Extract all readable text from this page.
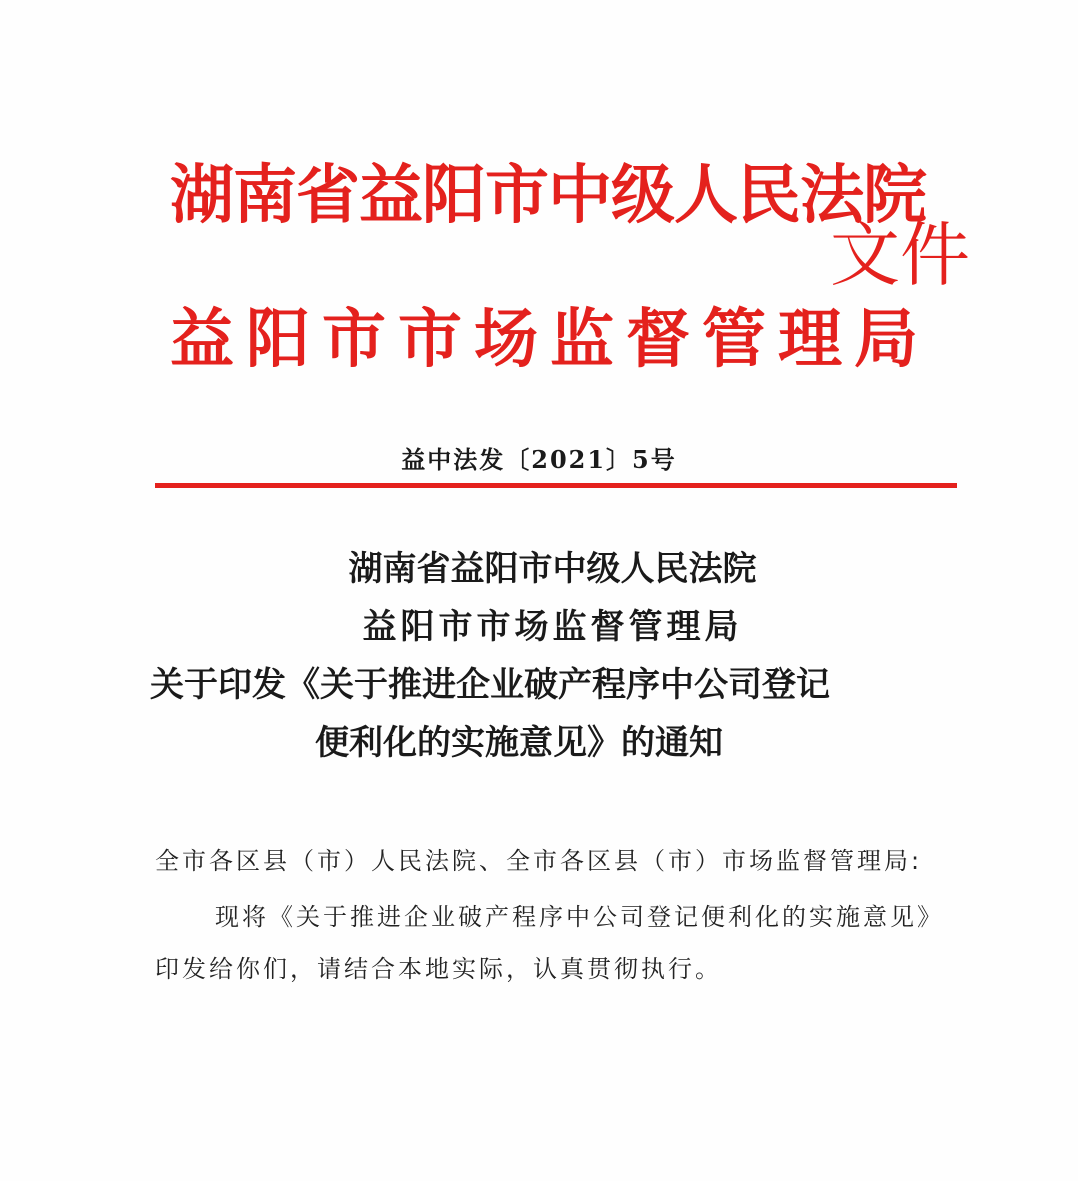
湖南省益阳市中级人民法院
益阳市市场监督管理局
文件
益中法发〔2021〕5号
湖南省益阳市中级人民法院
益阳市市场监督管理局
关于印发《关于推进企业破产程序中公司登记
便利化的实施意见》的通知

全市各区县（市）人民法院、全市各区县（市）市场监督管理局:

现将《关于推进企业破产程序中公司登记便利化的实施意见》印发给你们，请结合本地实际，认真贯彻执行。
